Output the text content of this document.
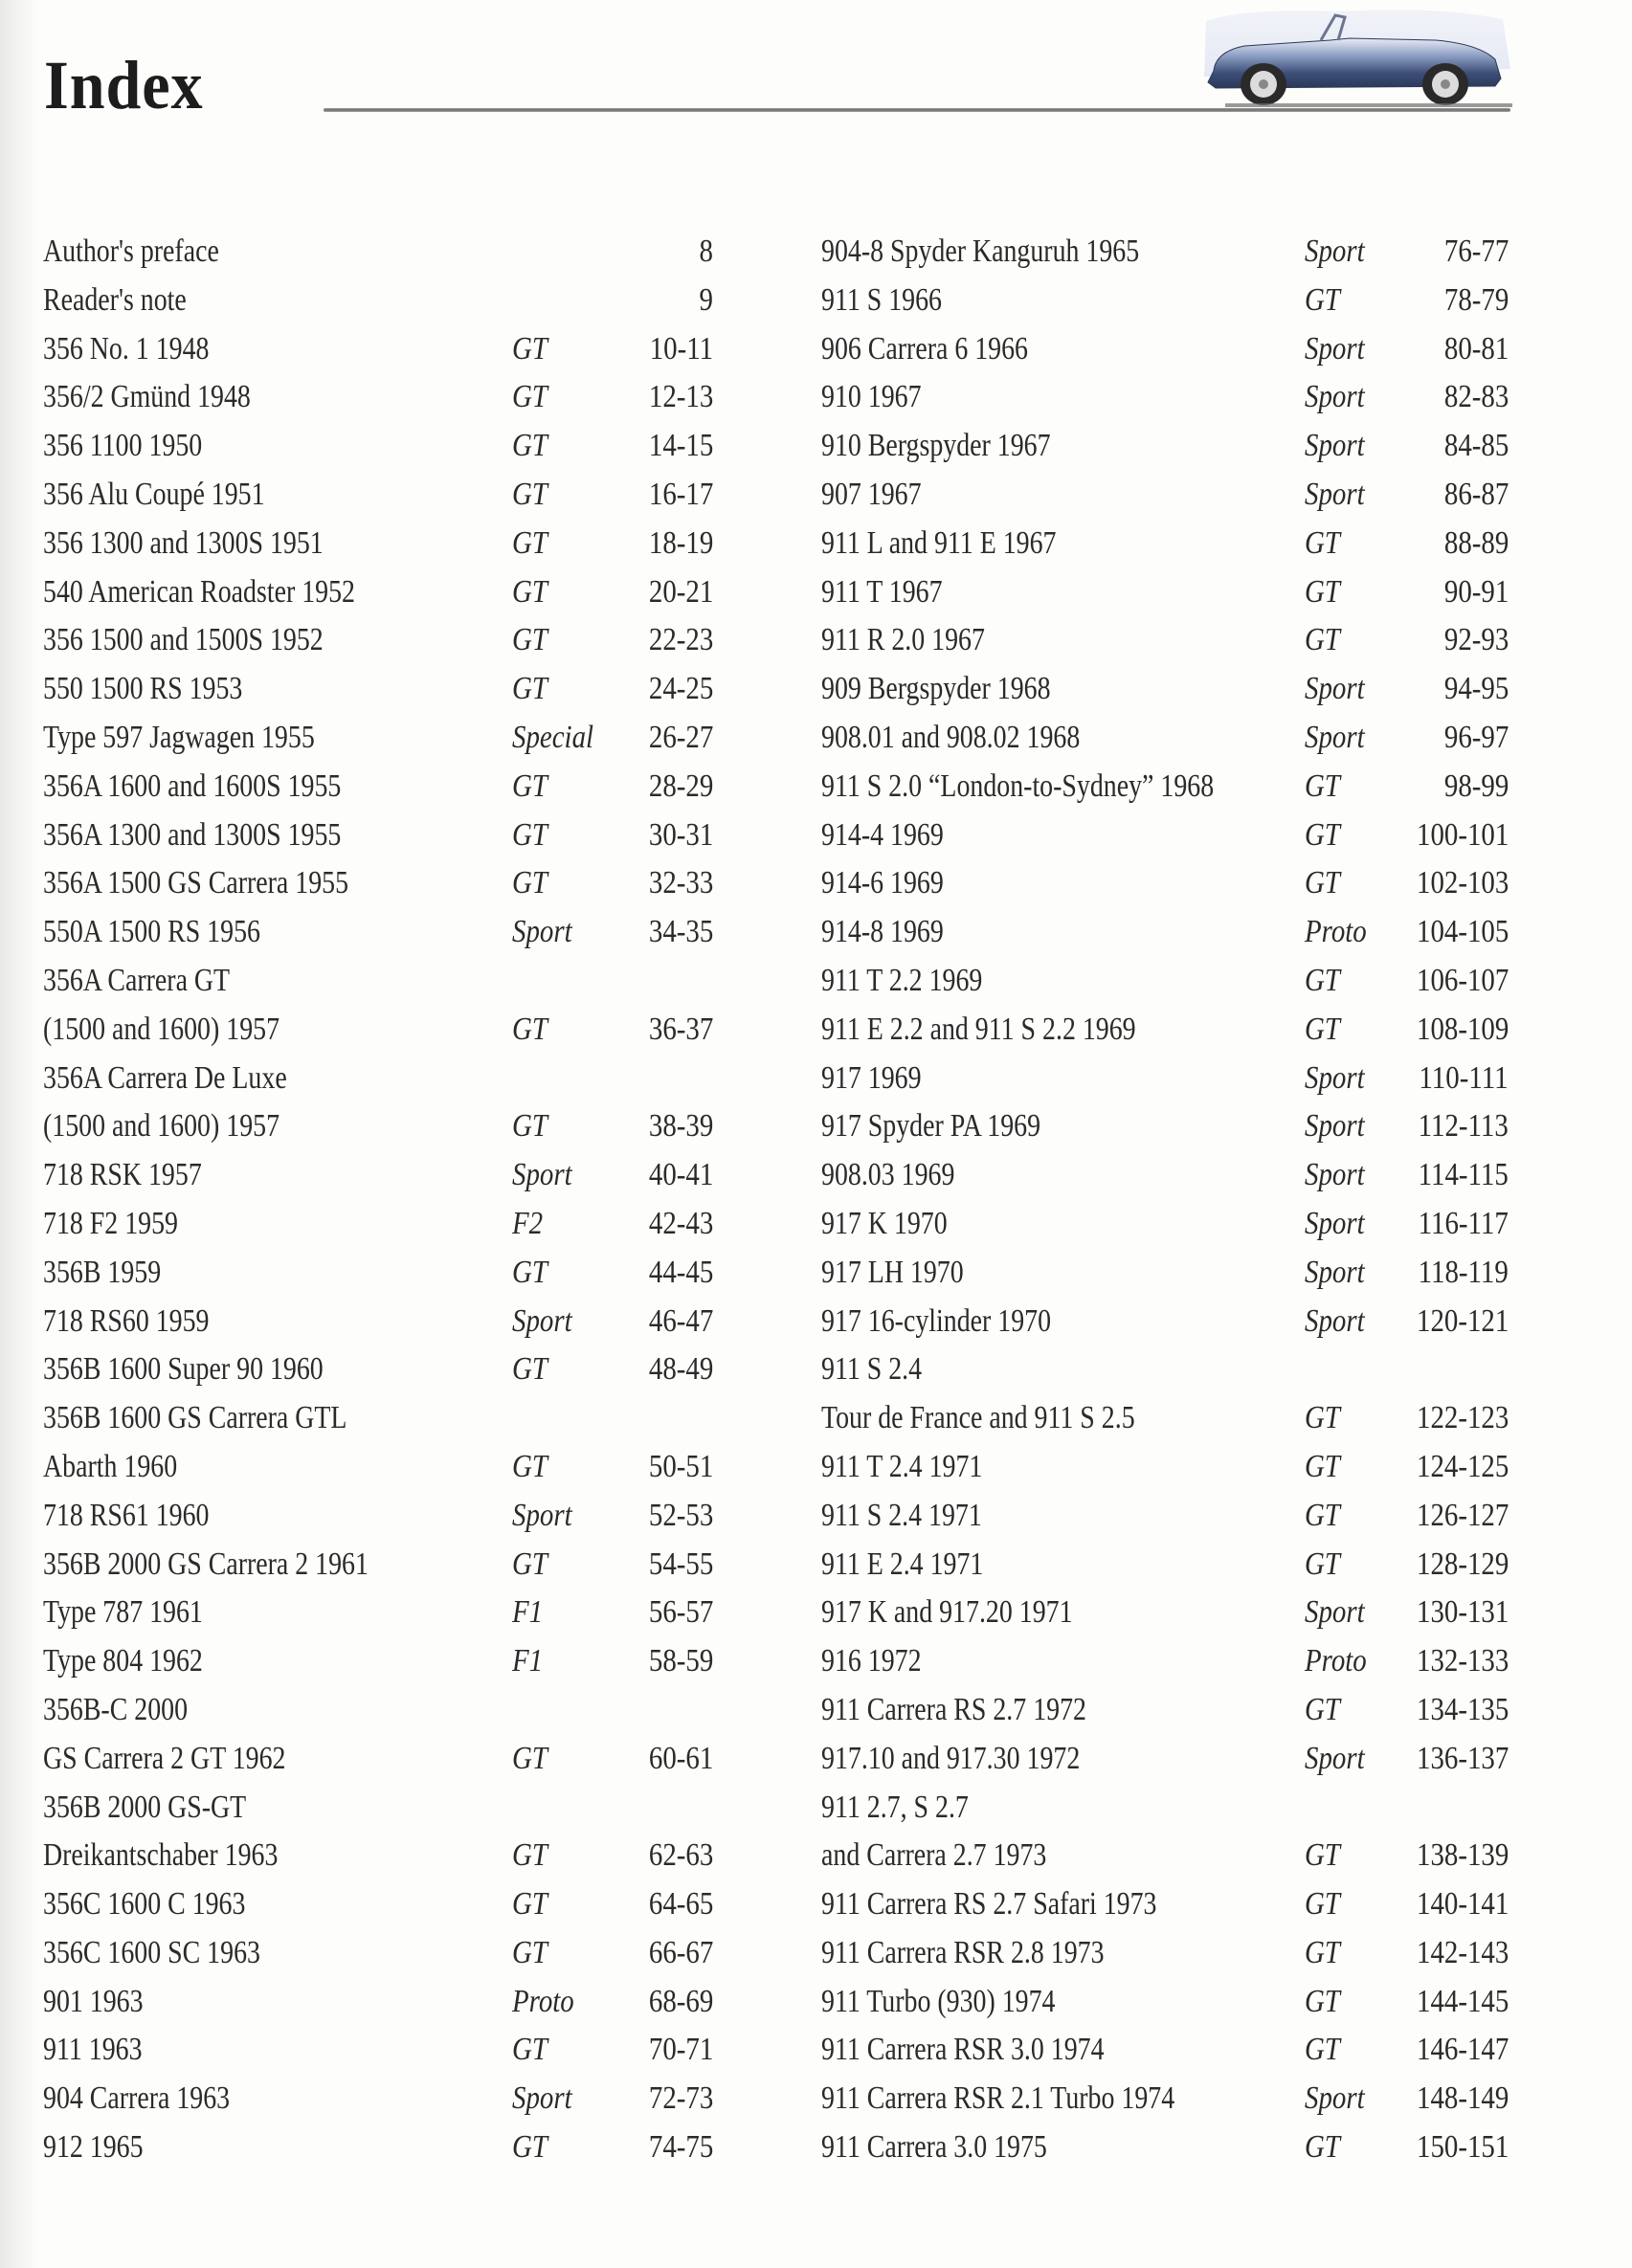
Index
Author's preface	8
Reader's note	9
356 No. 1 1948	GT	10-11
356/2 Gmünd 1948	GT	12-13
356 1100 1950	GT	14-15
356 Alu Coupé 1951	GT	16-17
356 1300 and 1300S 1951	GT	18-19
540 American Roadster 1952	GT	20-21
356 1500 and 1500S 1952	GT	22-23
550 1500 RS 1953	GT	24-25
Type 597 Jagwagen 1955	Special 26-27
356A 1600 and 1600S 1955	GT	28-29
356A 1300 and 1300S 1955	GT	30-31
356A 1500 GS Carrera 1955	GT	32-33
550A 1500 RS 1956	Sport 34-35
356A Carrera GT
(1500 and 1600) 1957	GT	36-37
356A Carrera De Luxe
(1500 and 1600) 1957	GT	38-39
718 RSK 1957	Sport 40-41
718 F2 1959	F2	42-43
356B 1959	GT	44-45
718 RS60 1959	Sport 46-47
356B 1600 Super 90 1960	GT	48-49
356B 1600 GS Carrera GTL
Abarth 1960	GT	50-51
718 RS61 1960	Sport 52-53
356B 2000 GS Carrera 2 1961	GT	54-55
Type 787 1961	F1	56-57
Type 804 1962	F1	58-59
356B-C 2000
GS Carrera 2 GT 1962	GT	60-61
356B 2000 GS-GT
Dreikantschaber 1963	GT	62-63
356C 1600 C 1963	GT	64-65
356C 1600 SC 1963	GT	66-67
901 1963	Proto 68-69
911 1963	GT	70-71
904 Carrera 1963	Sport 72-73
912 1965	GT	74-75
904-8 Spyder Kanguruh 1965	Sport 76-77
911 S 1966	GT	78-79
906 Carrera 6 1966	Sport 80-81
910 1967	Sport 82-83
910 Bergspyder 1967	Sport 84-85
907 1967	Sport 86-87
911 L and 911 E 1967	GT	88-89
911 T 1967	GT	90-91
911 R 2.0 1967	GT	92-93
909 Bergspyder 1968	Sport 94-95
908.01 and 908.02 1968	Sport 96-97
911 S 2.0 “London-to-Sydney” 1968	GT	98-99
914-4 1969	GT 100-101
914-6 1969	GT 102-103
914-8 1969	Proto 104-105
911 T 2.2 1969	GT 106-107
911 E 2.2 and 911 S 2.2 1969	GT 108-109
917 1969	Sport 110-111
917 Spyder PA 1969	Sport 112-113
908.03 1969	Sport 114-115
917 K 1970	Sport 116-117
917 LH 1970	Sport 118-119
917 16-cylinder 1970	Sport 120-121
911 S 2.4
Tour de France and 911 S 2.5	GT 122-123
911 T 2.4 1971	GT 124-125
911 S 2.4 1971	GT 126-127
911 E 2.4 1971	GT 128-129
917 K and 917.20 1971	Sport 130-131
916 1972	Proto 132-133
911 Carrera RS 2.7 1972	GT 134-135
917.10 and 917.30 1972	Sport 136-137
911 2.7, S 2.7
and Carrera 2.7 1973	GT 138-139
911 Carrera RS 2.7 Safari 1973	GT 140-141
911 Carrera RSR 2.8 1973	GT 142-143
911 Turbo (930) 1974	GT 144-145
911 Carrera RSR 3.0 1974	GT 146-147
911 Carrera RSR 2.1 Turbo 1974	Sport 148-149
911 Carrera 3.0 1975	GT 150-151
